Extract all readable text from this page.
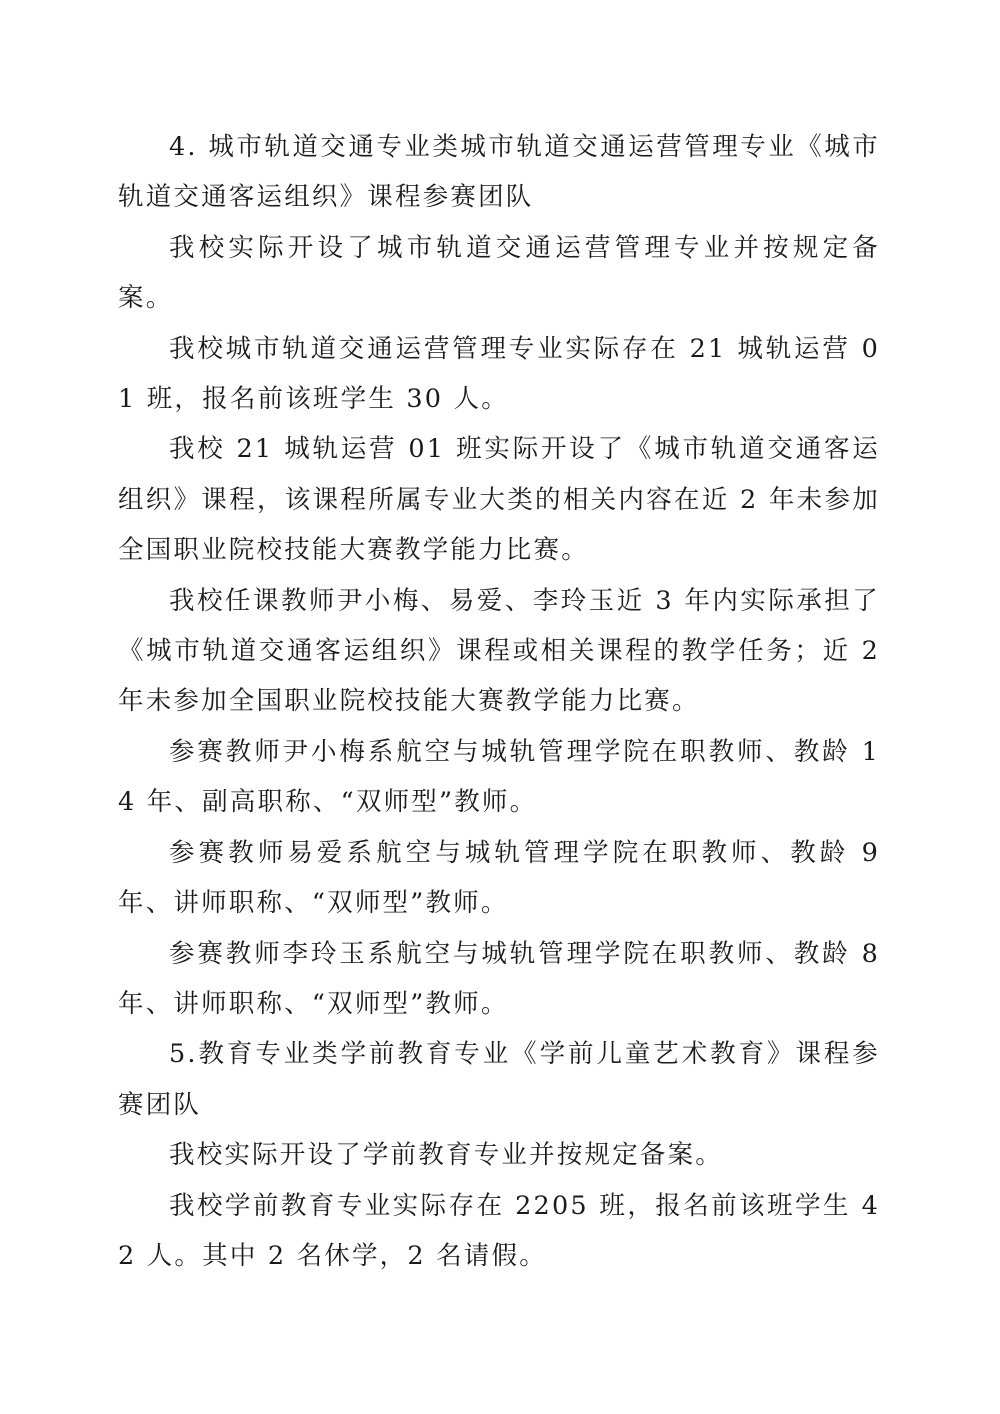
4. 城市轨道交通专业类城市轨道交通运营管理专业《城市轨道交通客运组织》课程参赛团队

我校实际开设了城市轨道交通运营管理专业并按规定备案。

我校城市轨道交通运营管理专业实际存在 21 城轨运营 01 班，报名前该班学生 30 人。

我校 21 城轨运营 01 班实际开设了《城市轨道交通客运组织》课程，该课程所属专业大类的相关内容在近 2 年未参加全国职业院校技能大赛教学能力比赛。

我校任课教师尹小梅、易爱、李玲玉近 3 年内实际承担了《城市轨道交通客运组织》课程或相关课程的教学任务；近 2 年未参加全国职业院校技能大赛教学能力比赛。

参赛教师尹小梅系航空与城轨管理学院在职教师、教龄 14 年、副高职称、“双师型”教师。

参赛教师易爱系航空与城轨管理学院在职教师、教龄 9 年、讲师职称、“双师型”教师。

参赛教师李玲玉系航空与城轨管理学院在职教师、教龄 8 年、讲师职称、“双师型”教师。

5.教育专业类学前教育专业《学前儿童艺术教育》课程参赛团队

我校实际开设了学前教育专业并按规定备案。

我校学前教育专业实际存在 2205 班，报名前该班学生 42 人。其中 2 名休学，2 名请假。
